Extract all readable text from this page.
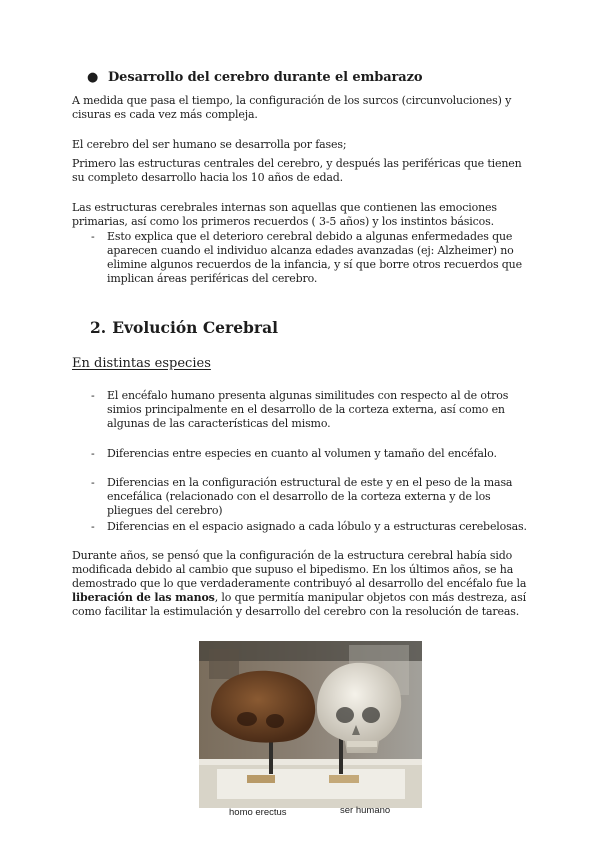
● Desarrollo del cerebro durante el embarazo

A medida que pasa el tiempo, la configuración de los surcos (circunvoluciones) y cisuras es cada vez más compleja.

El cerebro del ser humano se desarrolla por fases;

Primero las estructuras centrales del cerebro, y después las periféricas que tienen su completo desarrollo hacia los 10 años de edad.

Las estructuras cerebrales internas son aquellas que contienen las emociones primarias, así como los primeros recuerdos ( 3-5 años) y los instintos básicos.

- Esto explica que el deterioro cerebral debido a algunas enfermedades que aparecen cuando el individuo alcanza edades avanzadas (ej: Alzheimer) no elimine algunos recuerdos de la infancia, y sí que borre otros recuerdos que implican áreas periféricas del cerebro.
2. Evolución Cerebral
En distintas especies
- El encéfalo humano presenta algunas similitudes con respecto al de otros simios principalmente en el desarrollo de la corteza externa, así como en algunas de las características del mismo.
- Diferencias entre especies en cuanto al volumen y tamaño del encéfalo.
- Diferencias en la configuración estructural de este y en el peso de la masa encefálica (relacionado con el desarrollo de la corteza externa y de los pliegues del cerebro)
- Diferencias en el espacio asignado a cada lóbulo y a estructuras cerebelosas.

Durante años, se pensó que la configuración de la estructura cerebral había sido modificada debido al cambio que supuso el bipedismo. En los últimos años, se ha demostrado que lo que verdaderamente contribuyó al desarrollo del encéfalo fue la liberación de las manos, lo que permitía manipular objetos con más destreza, así como facilitar la estimulación y desarrollo del cerebro con la resolución de tareas.

homo erectus	ser humano
